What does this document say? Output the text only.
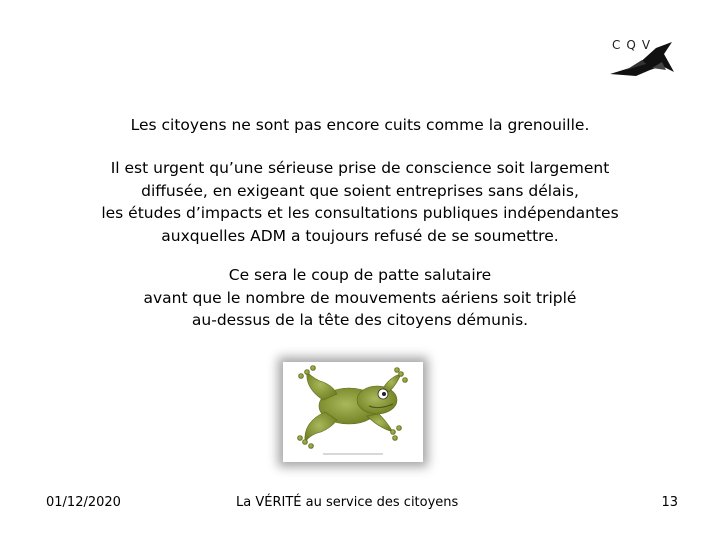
CQV
Les citoyens ne sont pas encore cuits comme la grenouille.
Il est urgent qu’une sérieuse prise de conscience soit largement
diffusée, en exigeant que soient entreprises sans délais,
les études d’impacts et les consultations publiques indépendantes
auxquelles ADM a toujours refusé de se soumettre.
Ce sera le coup de patte salutaire
avant que le nombre de mouvements aériens soit triplé
au-dessus de la tête des citoyens démunis.
01/12/2020	La VÉRITÉ au service des citoyens	13
